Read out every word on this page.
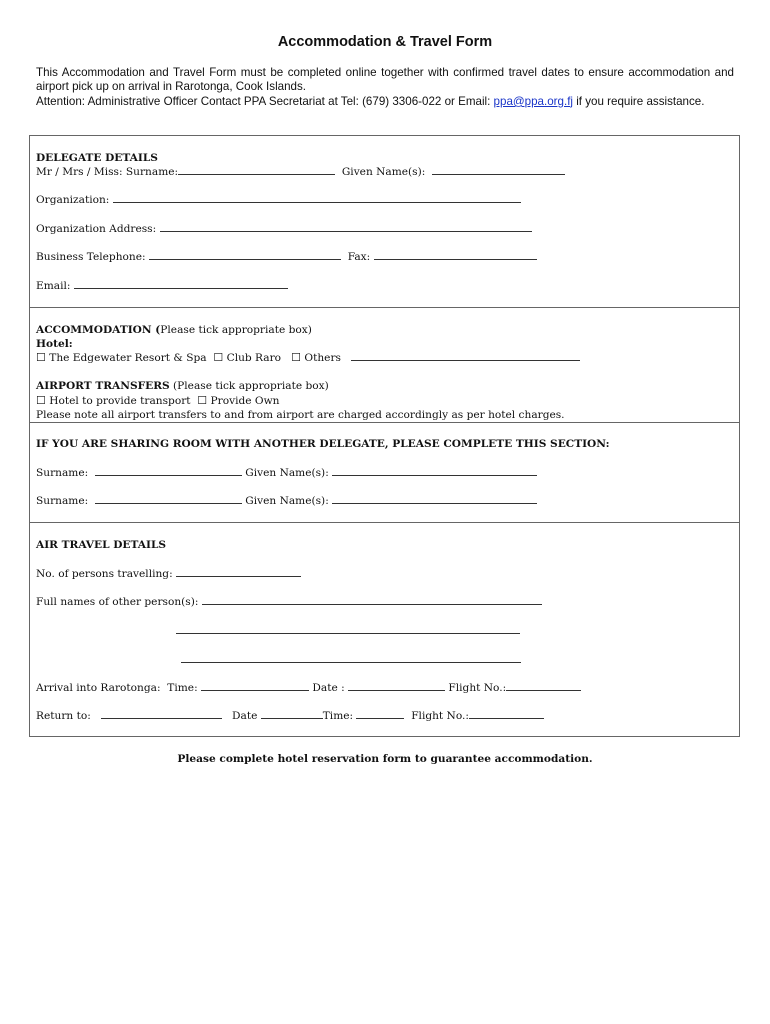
Accommodation & Travel Form
This Accommodation and Travel Form must be completed online together with confirmed travel dates to ensure accommodation and airport pick up on arrival in Rarotonga, Cook Islands.
Attention: Administrative Officer Contact PPA Secretariat at Tel: (679) 3306-022 or Email: ppa@ppa.org.fj if you require assistance.
DELEGATE DETAILS
Mr / Mrs / Miss: Surname:	Given Name(s):
Organization:
Organization Address:
Business Telephone:	Fax:
Email:
ACCOMMODATION (Please tick appropriate box)
Hotel:
☐ The Edgewater Resort & Spa ☐ Club Raro ☐ Others
AIRPORT TRANSFERS (Please tick appropriate box)
☐ Hotel to provide transport ☐ Provide Own
Please note all airport transfers to and from airport are charged accordingly as per hotel charges.
IF YOU ARE SHARING ROOM WITH ANOTHER DELEGATE, PLEASE COMPLETE THIS SECTION:
Surname:	Given Name(s):
Surname:	Given Name(s):
AIR TRAVEL DETAILS
No. of persons travelling:
Full names of other person(s):
Arrival into Rarotonga: Time:	Date :	Flight No.:
Return to:	Date	Time:	Flight No.:
Please complete hotel reservation form to guarantee accommodation.
